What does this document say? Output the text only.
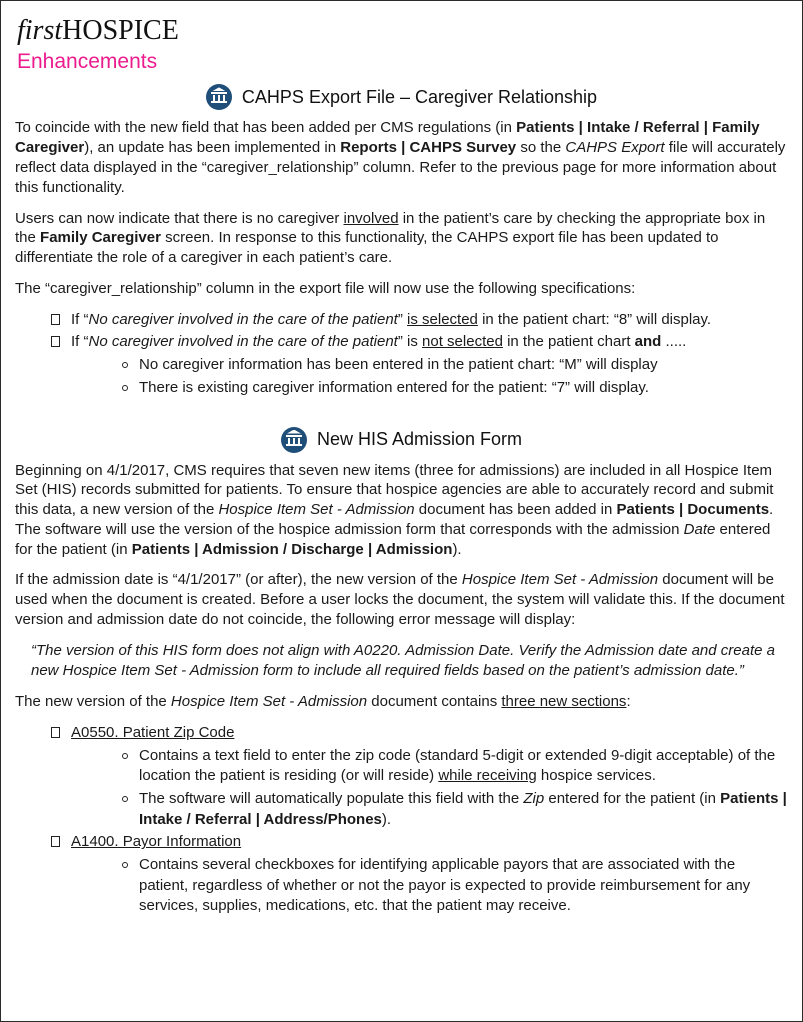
firstHOSPICE
Enhancements
CAHPS Export File – Caregiver Relationship

To coincide with the new field that has been added per CMS regulations (in Patients | Intake / Referral | Family Caregiver), an update has been implemented in Reports | CAHPS Survey so the CAHPS Export file will accurately reflect data displayed in the “caregiver_relationship” column. Refer to the previous page for more information about this functionality.

Users can now indicate that there is no caregiver involved in the patient’s care by checking the appropriate box in the Family Caregiver screen. In response to this functionality, the CAHPS export file has been updated to differentiate the role of a caregiver in each patient’s care.

The “caregiver_relationship” column in the export file will now use the following specifications:

If “No caregiver involved in the care of the patient” is selected in the patient chart: “8” will display.
If “No caregiver involved in the care of the patient” is not selected in the patient chart and .....
No caregiver information has been entered in the patient chart: “M” will display
There is existing caregiver information entered for the patient: “7” will display.
New HIS Admission Form

Beginning on 4/1/2017, CMS requires that seven new items (three for admissions) are included in all Hospice Item Set (HIS) records submitted for patients. To ensure that hospice agencies are able to accurately record and submit this data, a new version of the Hospice Item Set - Admission document has been added in Patients | Documents. The software will use the version of the hospice admission form that corresponds with the admission Date entered for the patient (in Patients | Admission / Discharge | Admission).

If the admission date is “4/1/2017” (or after), the new version of the Hospice Item Set - Admission document will be used when the document is created. Before a user locks the document, the system will validate this. If the document version and admission date do not coincide, the following error message will display:

“The version of this HIS form does not align with A0220. Admission Date. Verify the Admission date and create a new Hospice Item Set - Admission form to include all required fields based on the patient’s admission date.”

The new version of the Hospice Item Set - Admission document contains three new sections:

A0550. Patient Zip Code
Contains a text field to enter the zip code (standard 5-digit or extended 9-digit acceptable) of the location the patient is residing (or will reside) while receiving hospice services.
The software will automatically populate this field with the Zip entered for the patient (in Patients | Intake / Referral | Address/Phones).
A1400. Payor Information
Contains several checkboxes for identifying applicable payors that are associated with the patient, regardless of whether or not the payor is expected to provide reimbursement for any services, supplies, medications, etc. that the patient may receive.
